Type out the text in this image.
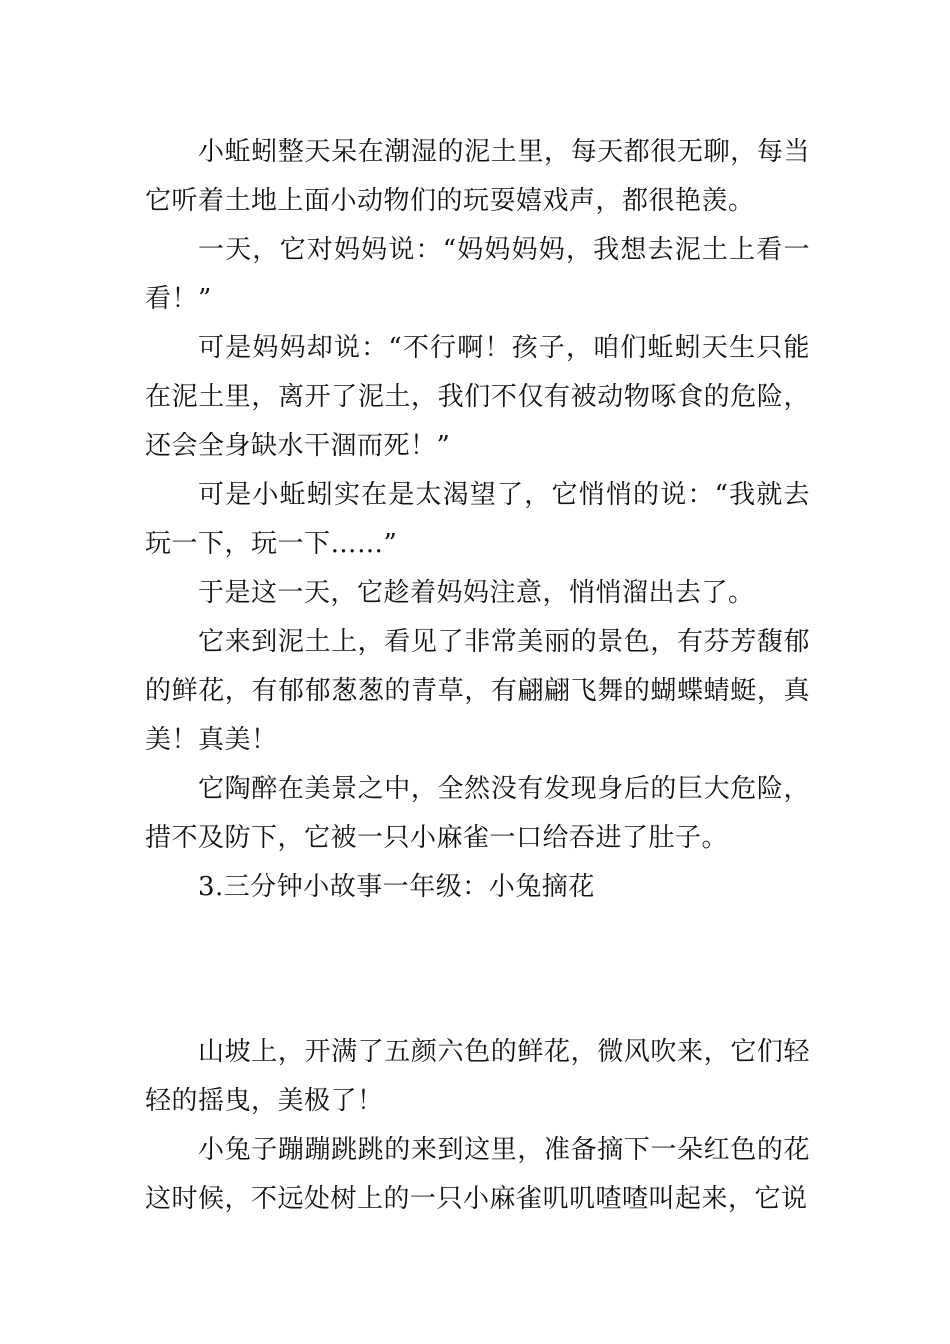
小蚯蚓整天呆在潮湿的泥土里，每天都很无聊，每当它听着土地上面小动物们的玩耍嬉戏声，都很艳羡。

一天，它对妈妈说：“妈妈妈妈，我想去泥土上看一看！”

可是妈妈却说：“不行啊！孩子，咱们蚯蚓天生只能在泥土里，离开了泥土，我们不仅有被动物啄食的危险，还会全身缺水干涸而死！”

可是小蚯蚓实在是太渴望了，它悄悄的说：“我就去玩一下，玩一下……”

于是这一天，它趁着妈妈注意，悄悄溜出去了。

它来到泥土上，看见了非常美丽的景色，有芬芳馥郁的鲜花，有郁郁葱葱的青草，有翩翩飞舞的蝴蝶蜻蜓，真美！真美！

它陶醉在美景之中，全然没有发现身后的巨大危险，措不及防下，它被一只小麻雀一口给吞进了肚子。

3.三分钟小故事一年级：小兔摘花

山坡上，开满了五颜六色的鲜花，微风吹来，它们轻轻的摇曳，美极了！

小兔子蹦蹦跳跳的来到这里，准备摘下一朵红色的花这时候，不远处树上的一只小麻雀叽叽喳喳叫起来，它说
